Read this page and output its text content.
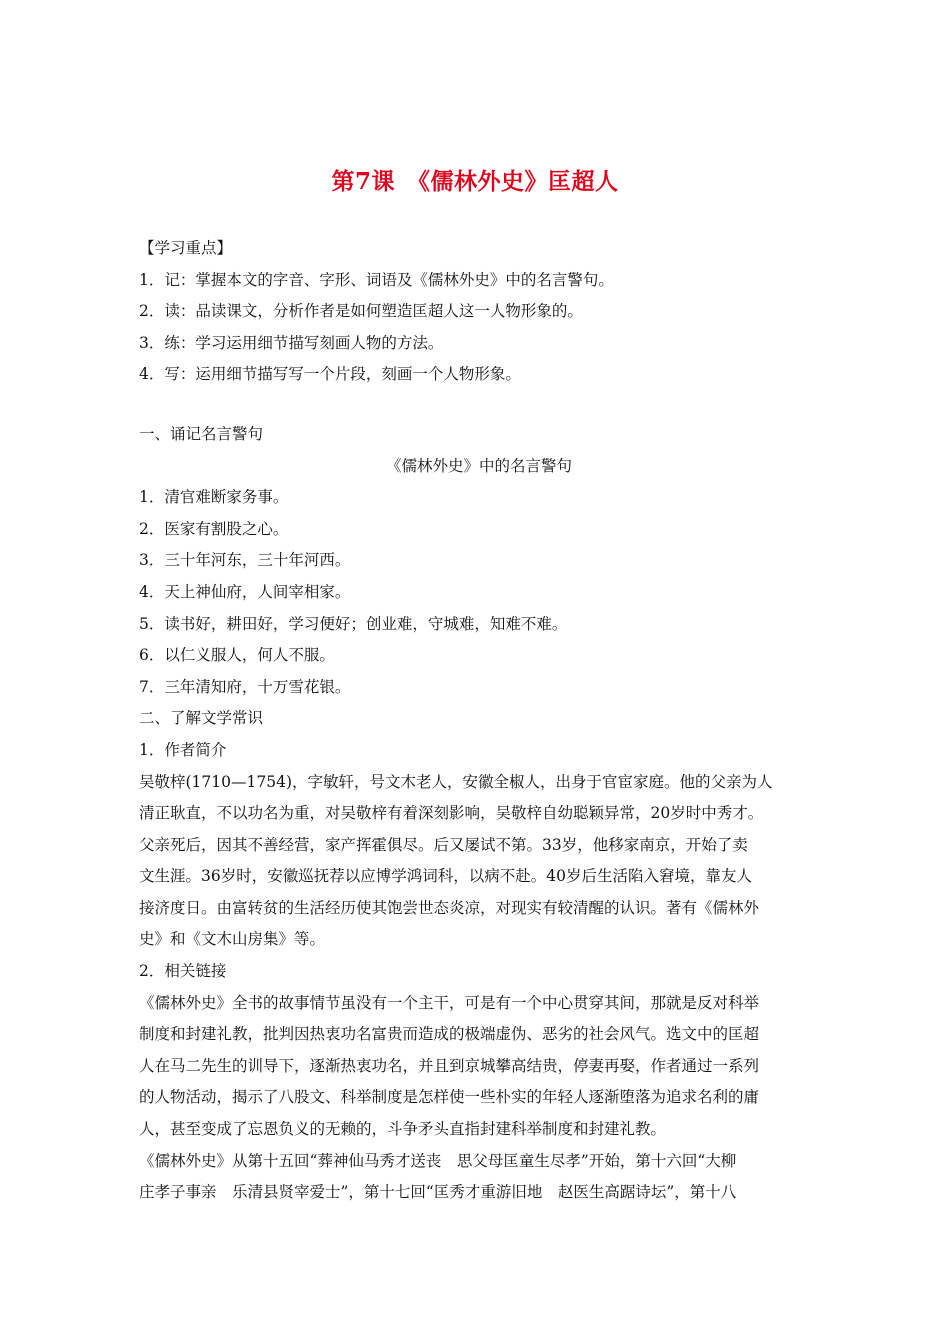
第7课　《儒林外史》匡超人

【学习重点】

1．记：掌握本文的字音、字形、词语及《儒林外史》中的名言警句。

2．读：品读课文，分析作者是如何塑造匡超人这一人物形象的。

3．练：学习运用细节描写刻画人物的方法。

4．写：运用细节描写写一个片段，刻画一个人物形象。

一、诵记名言警句

《儒林外史》中的名言警句

1．清官难断家务事。

2．医家有割股之心。

3．三十年河东，三十年河西。

4．天上神仙府，人间宰相家。

5．读书好，耕田好，学习便好；创业难，守城难，知难不难。

6．以仁义服人，何人不服。

7．三年清知府，十万雪花银。

二、了解文学常识

1．作者简介

吴敬梓(1710—1754)，字敏轩，号文木老人，安徽全椒人，出身于官宦家庭。他的父亲为人

清正耿直，不以功名为重，对吴敬梓有着深刻影响，吴敬梓自幼聪颖异常，20岁时中秀才。

父亲死后，因其不善经营，家产挥霍俱尽。后又屡试不第。33岁，他移家南京，开始了卖

文生涯。36岁时，安徽巡抚荐以应博学鸿词科，以病不赴。40岁后生活陷入窘境，靠友人

接济度日。由富转贫的生活经历使其饱尝世态炎凉，对现实有较清醒的认识。著有《儒林外

史》和《文木山房集》等。

2．相关链接

《儒林外史》全书的故事情节虽没有一个主干，可是有一个中心贯穿其间，那就是反对科举

制度和封建礼教，批判因热衷功名富贵而造成的极端虚伪、恶劣的社会风气。选文中的匡超

人在马二先生的训导下，逐渐热衷功名，并且到京城攀高结贵，停妻再娶，作者通过一系列

的人物活动，揭示了八股文、科举制度是怎样使一些朴实的年轻人逐渐堕落为追求名利的庸

人，甚至变成了忘恩负义的无赖的，斗争矛头直指封建科举制度和封建礼教。

《儒林外史》从第十五回“葬神仙马秀才送丧　思父母匡童生尽孝”开始，第十六回“大柳

庄孝子事亲　乐清县贤宰爱士”，第十七回“匡秀才重游旧地　赵医生高踞诗坛”，第十八
